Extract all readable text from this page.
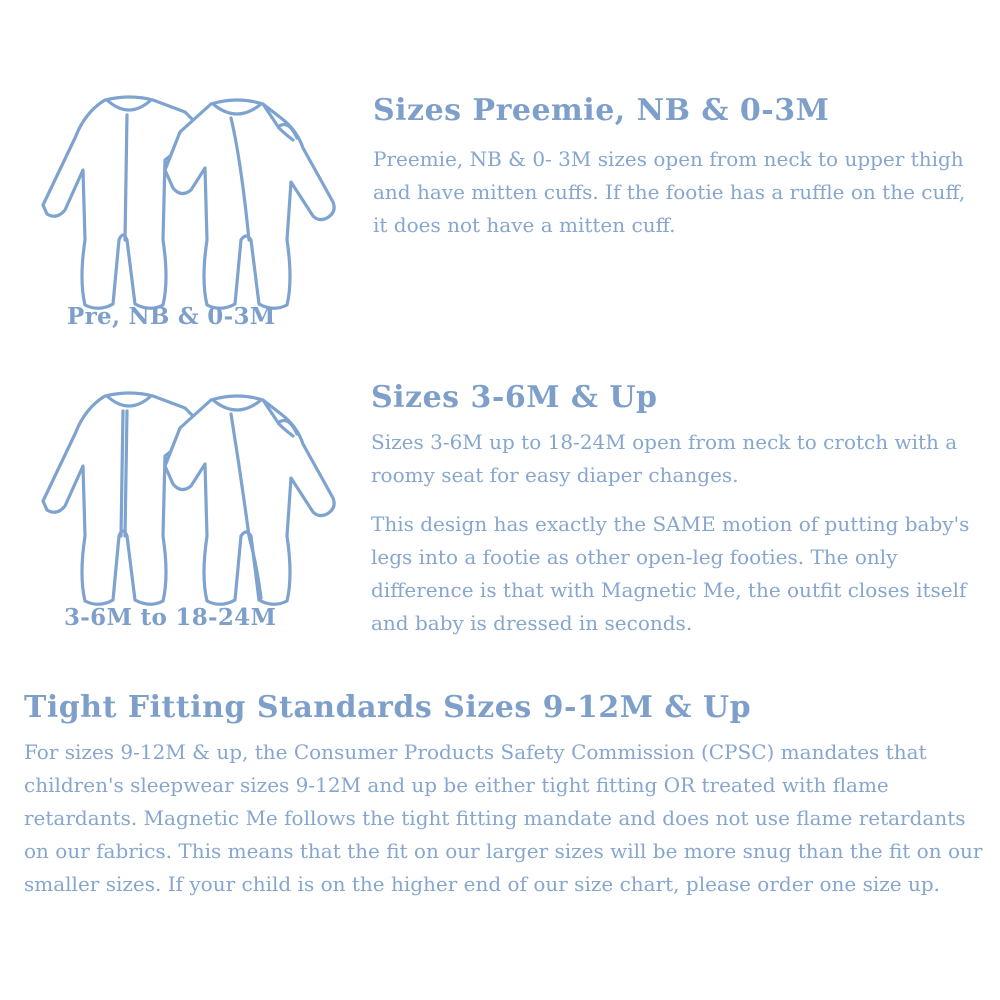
Pre, NB & 0-3M
Sizes Preemie, NB & 0-3M

Preemie, NB & 0- 3M sizes open from neck to upper thigh and have mitten cuffs. If the footie has a ruffle on the cuff, it does not have a mitten cuff.

3-6M to 18-24M
Sizes 3-6M & Up

Sizes 3-6M up to 18-24M open from neck to crotch with a roomy seat for easy diaper changes.

This design has exactly the SAME motion of putting baby's legs into a footie as other open-leg footies. The only difference is that with Magnetic Me, the outfit closes itself and baby is dressed in seconds.

Tight Fitting Standards Sizes 9-12M & Up

For sizes 9-12M & up, the Consumer Products Safety Commission (CPSC) mandates that children's sleepwear sizes 9-12M and up be either tight fitting OR treated with flame retardants. Magnetic Me follows the tight fitting mandate and does not use flame retardants on our fabrics. This means that the fit on our larger sizes will be more snug than the fit on our smaller sizes. If your child is on the higher end of our size chart, please order one size up.
